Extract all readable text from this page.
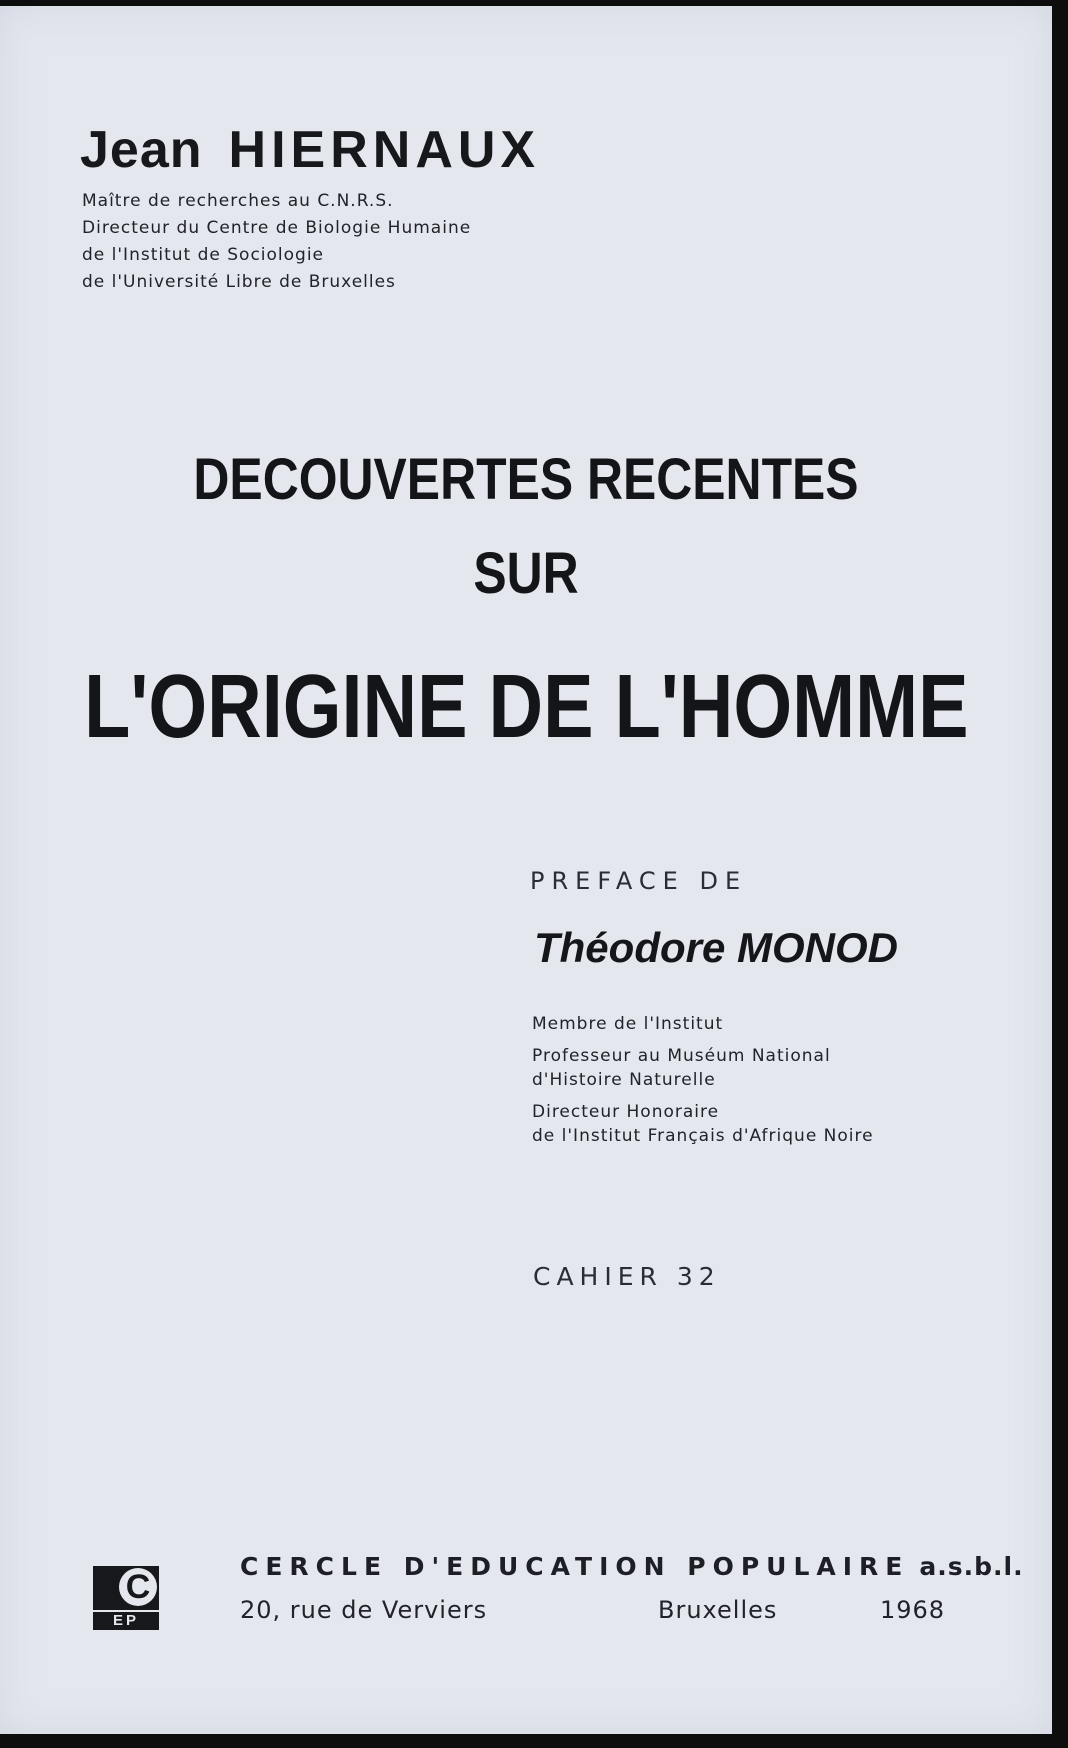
Jean HIERNAUX
Maître de recherches au C.N.R.S.
Directeur du Centre de Biologie Humaine
de l'Institut de Sociologie
de l'Université Libre de Bruxelles
DECOUVERTES RECENTES
SUR
L'ORIGINE DE L'HOMME
PREFACE DE
Théodore MONOD
Membre de l'Institut
Professeur au Muséum National
d'Histoire Naturelle
Directeur Honoraire
de l'Institut Français d'Afrique Noire
CAHIER 32
C
EP
CERCLE D'EDUCATION POPULAIRE a.s.b.l.
20, rue de Verviers	Bruxelles	1968
